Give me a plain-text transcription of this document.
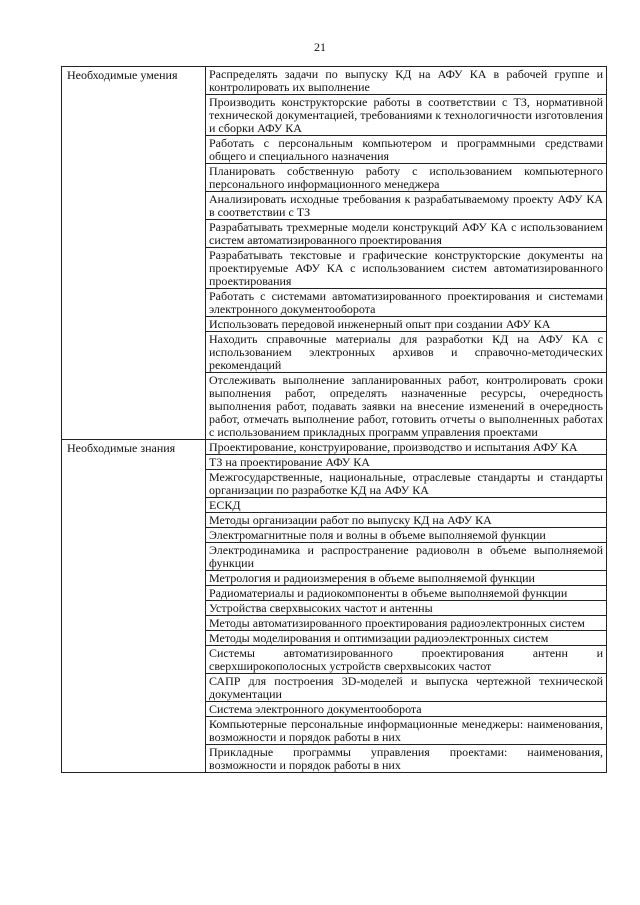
21
Необходимые умения	Распределять задачи по выпуску КД на АФУ КА в рабочей группе и контролировать их выполнение
	Производить конструкторские работы в соответствии с ТЗ, нормативной технической документацией, требованиями к технологичности изготовления и сборки АФУ КА
	Работать с персональным компьютером и программными средствами общего и специального назначения
	Планировать собственную работу с использованием компьютерного персонального информационного менеджера
	Анализировать исходные требования к разрабатываемому проекту АФУ КА в соответствии с ТЗ
	Разрабатывать трехмерные модели конструкций АФУ КА с использованием систем автоматизированного проектирования
	Разрабатывать текстовые и графические конструкторские документы на проектируемые АФУ КА с использованием систем автоматизированного проектирования
	Работать с системами автоматизированного проектирования и системами электронного документооборота
	Использовать передовой инженерный опыт при создании АФУ КА
	Находить справочные материалы для разработки КД на АФУ КА с использованием электронных архивов и справочно-методических рекомендаций
	Отслеживать выполнение запланированных работ, контролировать сроки выполнения работ, определять назначенные ресурсы, очередность выполнения работ, подавать заявки на внесение изменений в очередность работ, отмечать выполнение работ, готовить отчеты о выполненных работах с использованием прикладных программ управления проектами
Необходимые знания	Проектирование, конструирование, производство и испытания АФУ КА
	ТЗ на проектирование АФУ КА
	Межгосударственные, национальные, отраслевые стандарты и стандарты организации по разработке КД на АФУ КА
	ЕСКД
	Методы организации работ по выпуску КД на АФУ КА
	Электромагнитные поля и волны в объеме выполняемой функции
	Электродинамика и распространение радиоволн в объеме выполняемой функции
	Метрология и радиоизмерения в объеме выполняемой функции
	Радиоматериалы и радиокомпоненты в объеме выполняемой функции
	Устройства сверхвысоких частот и антенны
	Методы автоматизированного проектирования радиоэлектронных систем
	Методы моделирования и оптимизации радиоэлектронных систем
	Системы автоматизированного проектирования антенн и сверхширокополосных устройств сверхвысоких частот
	САПР для построения 3D-моделей и выпуска чертежной технической документации
	Система электронного документооборота
	Компьютерные персональные информационные менеджеры: наименования, возможности и порядок работы в них
	Прикладные программы управления проектами: наименования, возможности и порядок работы в них
